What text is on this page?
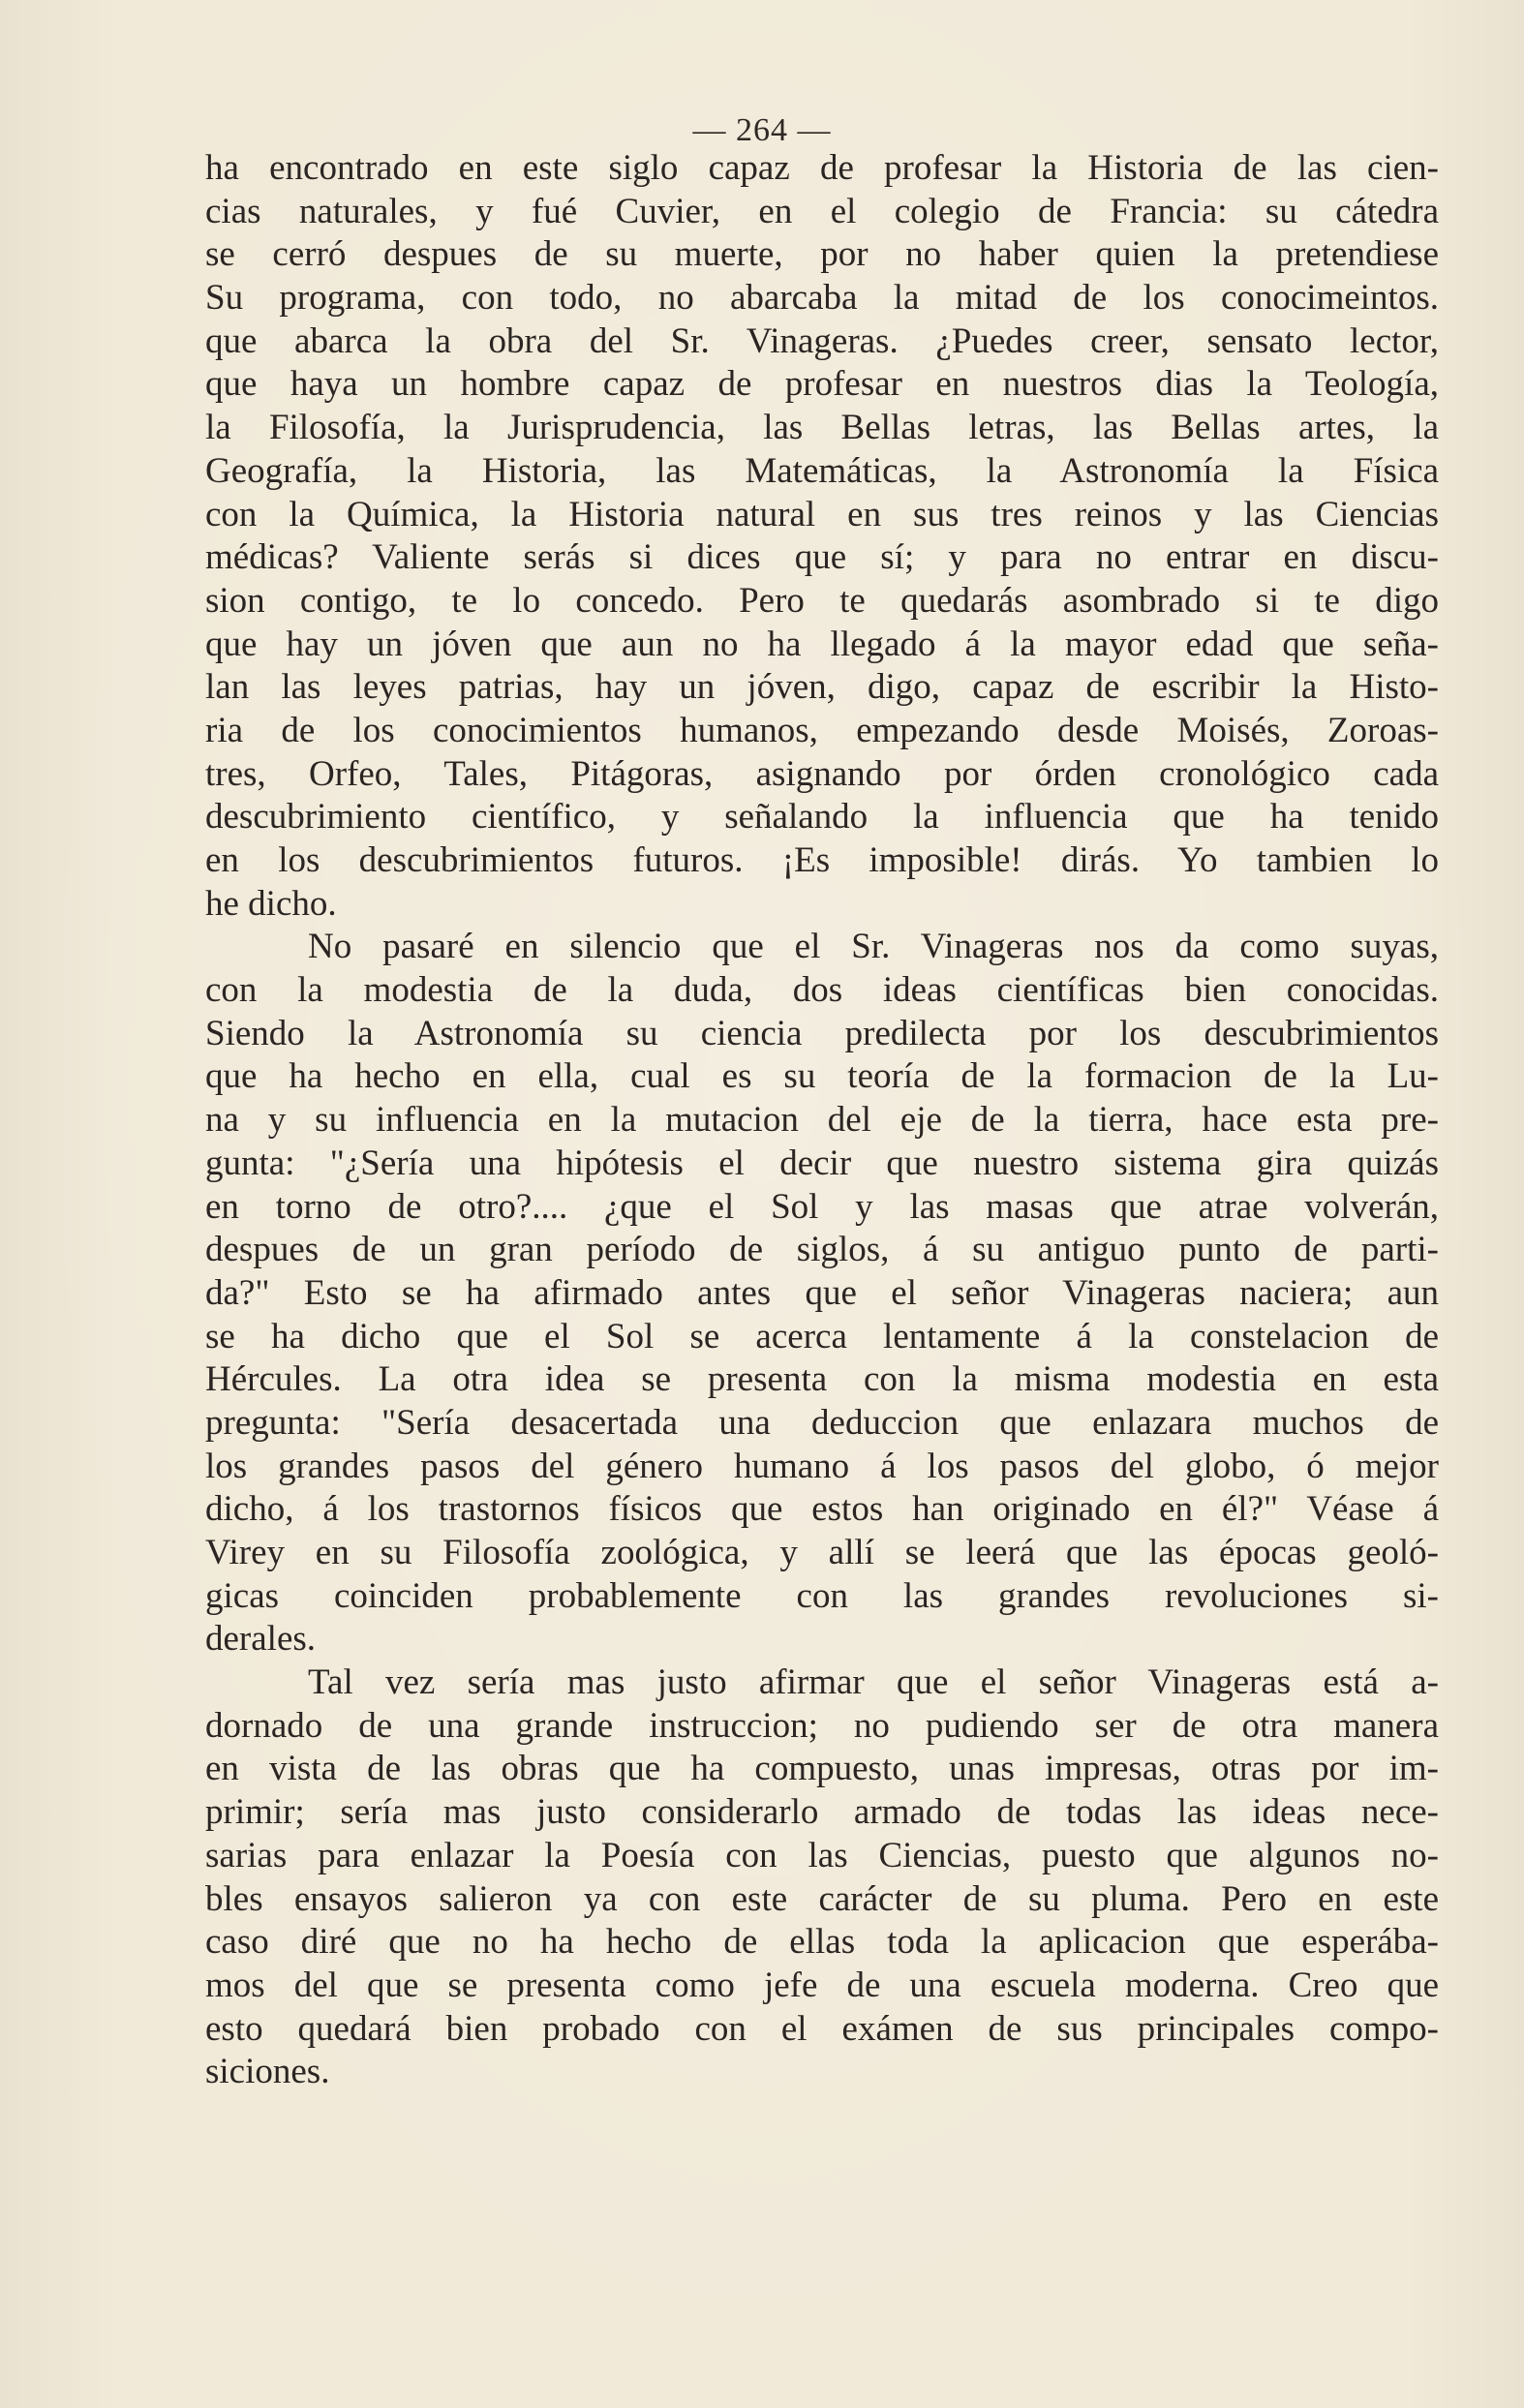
— 264 —
ha encontrado en este siglo capaz de profesar la Historia de las cien-
cias naturales, y fué Cuvier, en el colegio de Francia: su cátedra
se cerró despues de su muerte, por no haber quien la pretendiese
Su programa, con todo, no abarcaba la mitad de los conocimeintos.
que abarca la obra del Sr. Vinageras. ¿Puedes creer, sensato lector,
que haya un hombre capaz de profesar en nuestros dias la Teología,
la Filosofía, la Jurisprudencia, las Bellas letras, las Bellas artes, la
Geografía, la Historia, las Matemáticas, la Astronomía la Física
con la Química, la Historia natural en sus tres reinos y las Ciencias
médicas? Valiente serás si dices que sí; y para no entrar en discu-
sion contigo, te lo concedo. Pero te quedarás asombrado si te digo
que hay un jóven que aun no ha llegado á la mayor edad que seña-
lan las leyes patrias, hay un jóven, digo, capaz de escribir la Histo-
ria de los conocimientos humanos, empezando desde Moisés, Zoroas-
tres, Orfeo, Tales, Pitágoras, asignando por órden cronológico cada
descubrimiento científico, y señalando la influencia que ha tenido
en los descubrimientos futuros. ¡Es imposible! dirás. Yo tambien lo
he dicho.
No pasaré en silencio que el Sr. Vinageras nos da como suyas,
con la modestia de la duda, dos ideas científicas bien conocidas.
Siendo la Astronomía su ciencia predilecta por los descubrimientos
que ha hecho en ella, cual es su teoría de la formacion de la Lu-
na y su influencia en la mutacion del eje de la tierra, hace esta pre-
gunta: "¿Sería una hipótesis el decir que nuestro sistema gira quizás
en torno de otro?.... ¿que el Sol y las masas que atrae volverán,
despues de un gran período de siglos, á su antiguo punto de parti-
da?" Esto se ha afirmado antes que el señor Vinageras naciera; aun
se ha dicho que el Sol se acerca lentamente á la constelacion de
Hércules. La otra idea se presenta con la misma modestia en esta
pregunta: "Sería desacertada una deduccion que enlazara muchos de
los grandes pasos del género humano á los pasos del globo, ó mejor
dicho, á los trastornos físicos que estos han originado en él?" Véase á
Virey en su Filosofía zoológica, y allí se leerá que las épocas geoló-
gicas coinciden probablemente con las grandes revoluciones si-
derales.
Tal vez sería mas justo afirmar que el señor Vinageras está a-
dornado de una grande instruccion; no pudiendo ser de otra manera
en vista de las obras que ha compuesto, unas impresas, otras por im-
primir; sería mas justo considerarlo armado de todas las ideas nece-
sarias para enlazar la Poesía con las Ciencias, puesto que algunos no-
bles ensayos salieron ya con este carácter de su pluma. Pero en este
caso diré que no ha hecho de ellas toda la aplicacion que esperába-
mos del que se presenta como jefe de una escuela moderna. Creo que
esto quedará bien probado con el exámen de sus principales compo-
siciones.
